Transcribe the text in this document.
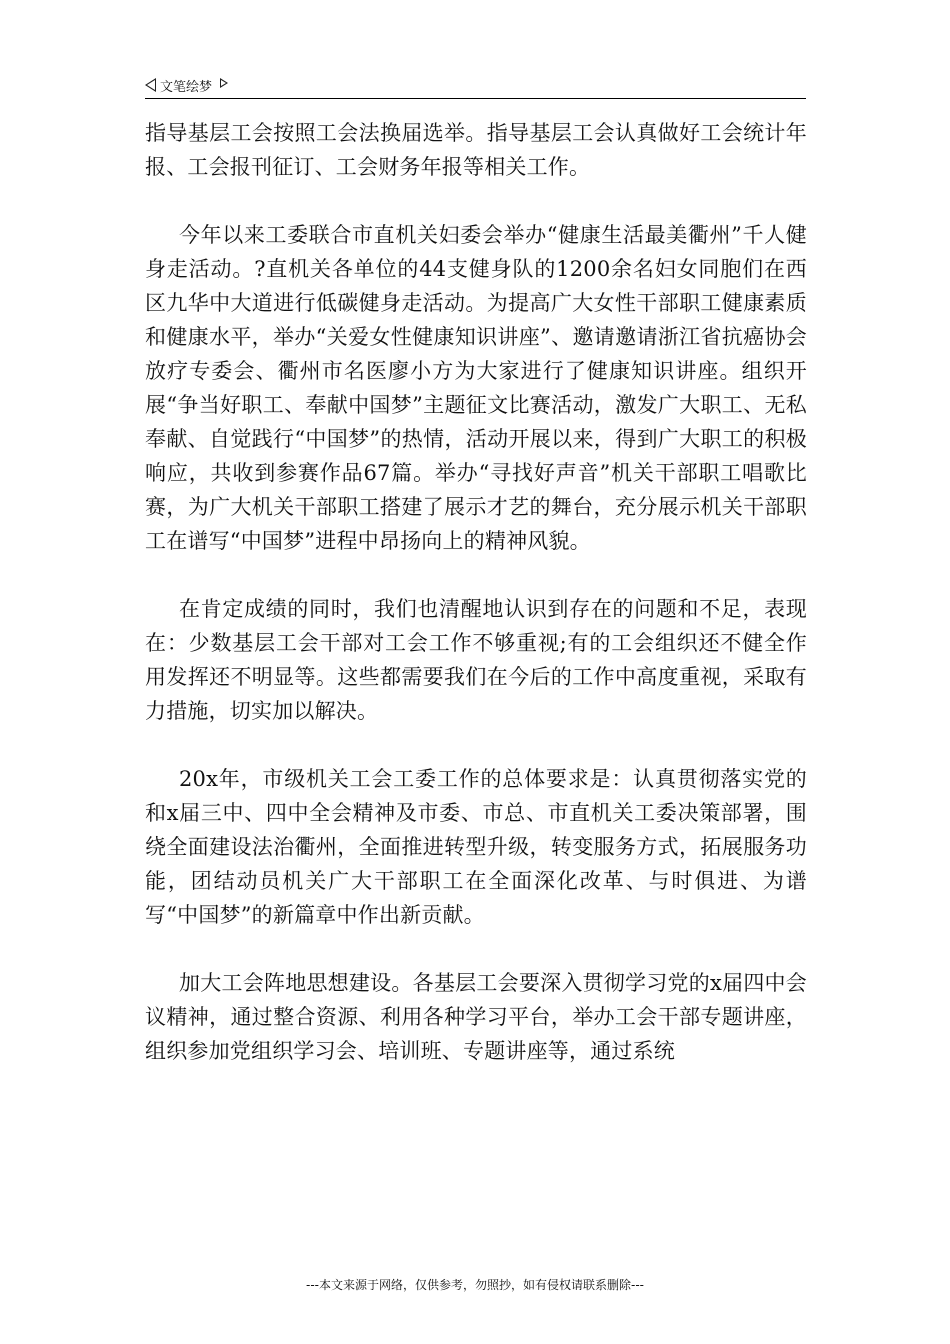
文笔绘梦

指导基层工会按照工会法换届选举。指导基层工会认真做好工会统计年报、工会报刊征订、工会财务年报等相关工作。

今年以来工委联合市直机关妇委会举办“健康生活最美衢州”千人健身走活动。?直机关各单位的44支健身队的1200余名妇女同胞们在西区九华中大道进行低碳健身走活动。为提高广大女性干部职工健康素质和健康水平，举办“关爱女性健康知识讲座”、邀请邀请浙江省抗癌协会放疗专委会、衢州市名医廖小方为大家进行了健康知识讲座。组织开展“争当好职工、奉献中国梦”主题征文比赛活动，激发广大职工、无私奉献、自觉践行“中国梦”的热情，活动开展以来，得到广大职工的积极响应，共收到参赛作品67篇。举办“寻找好声音”机关干部职工唱歌比赛，为广大机关干部职工搭建了展示才艺的舞台，充分展示机关干部职工在谱写“中国梦”进程中昂扬向上的精神风貌。

在肯定成绩的同时，我们也清醒地认识到存在的问题和不足，表现在：少数基层工会干部对工会工作不够重视;有的工会组织还不健全作用发挥还不明显等。这些都需要我们在今后的工作中高度重视，采取有力措施，切实加以解决。

20x年，市级机关工会工委工作的总体要求是：认真贯彻落实党的和x届三中、四中全会精神及市委、市总、市直机关工委决策部署，围绕全面建设法治衢州，全面推进转型升级，转变服务方式，拓展服务功能，团结动员机关广大干部职工在全面深化改革、与时俱进、为谱写“中国梦”的新篇章中作出新贡献。

加大工会阵地思想建设。各基层工会要深入贯彻学习党的x届四中会议精神，通过整合资源、利用各种学习平台，举办工会干部专题讲座，组织参加党组织学习会、培训班、专题讲座等，通过系统

---本文来源于网络，仅供参考，勿照抄，如有侵权请联系删除---
